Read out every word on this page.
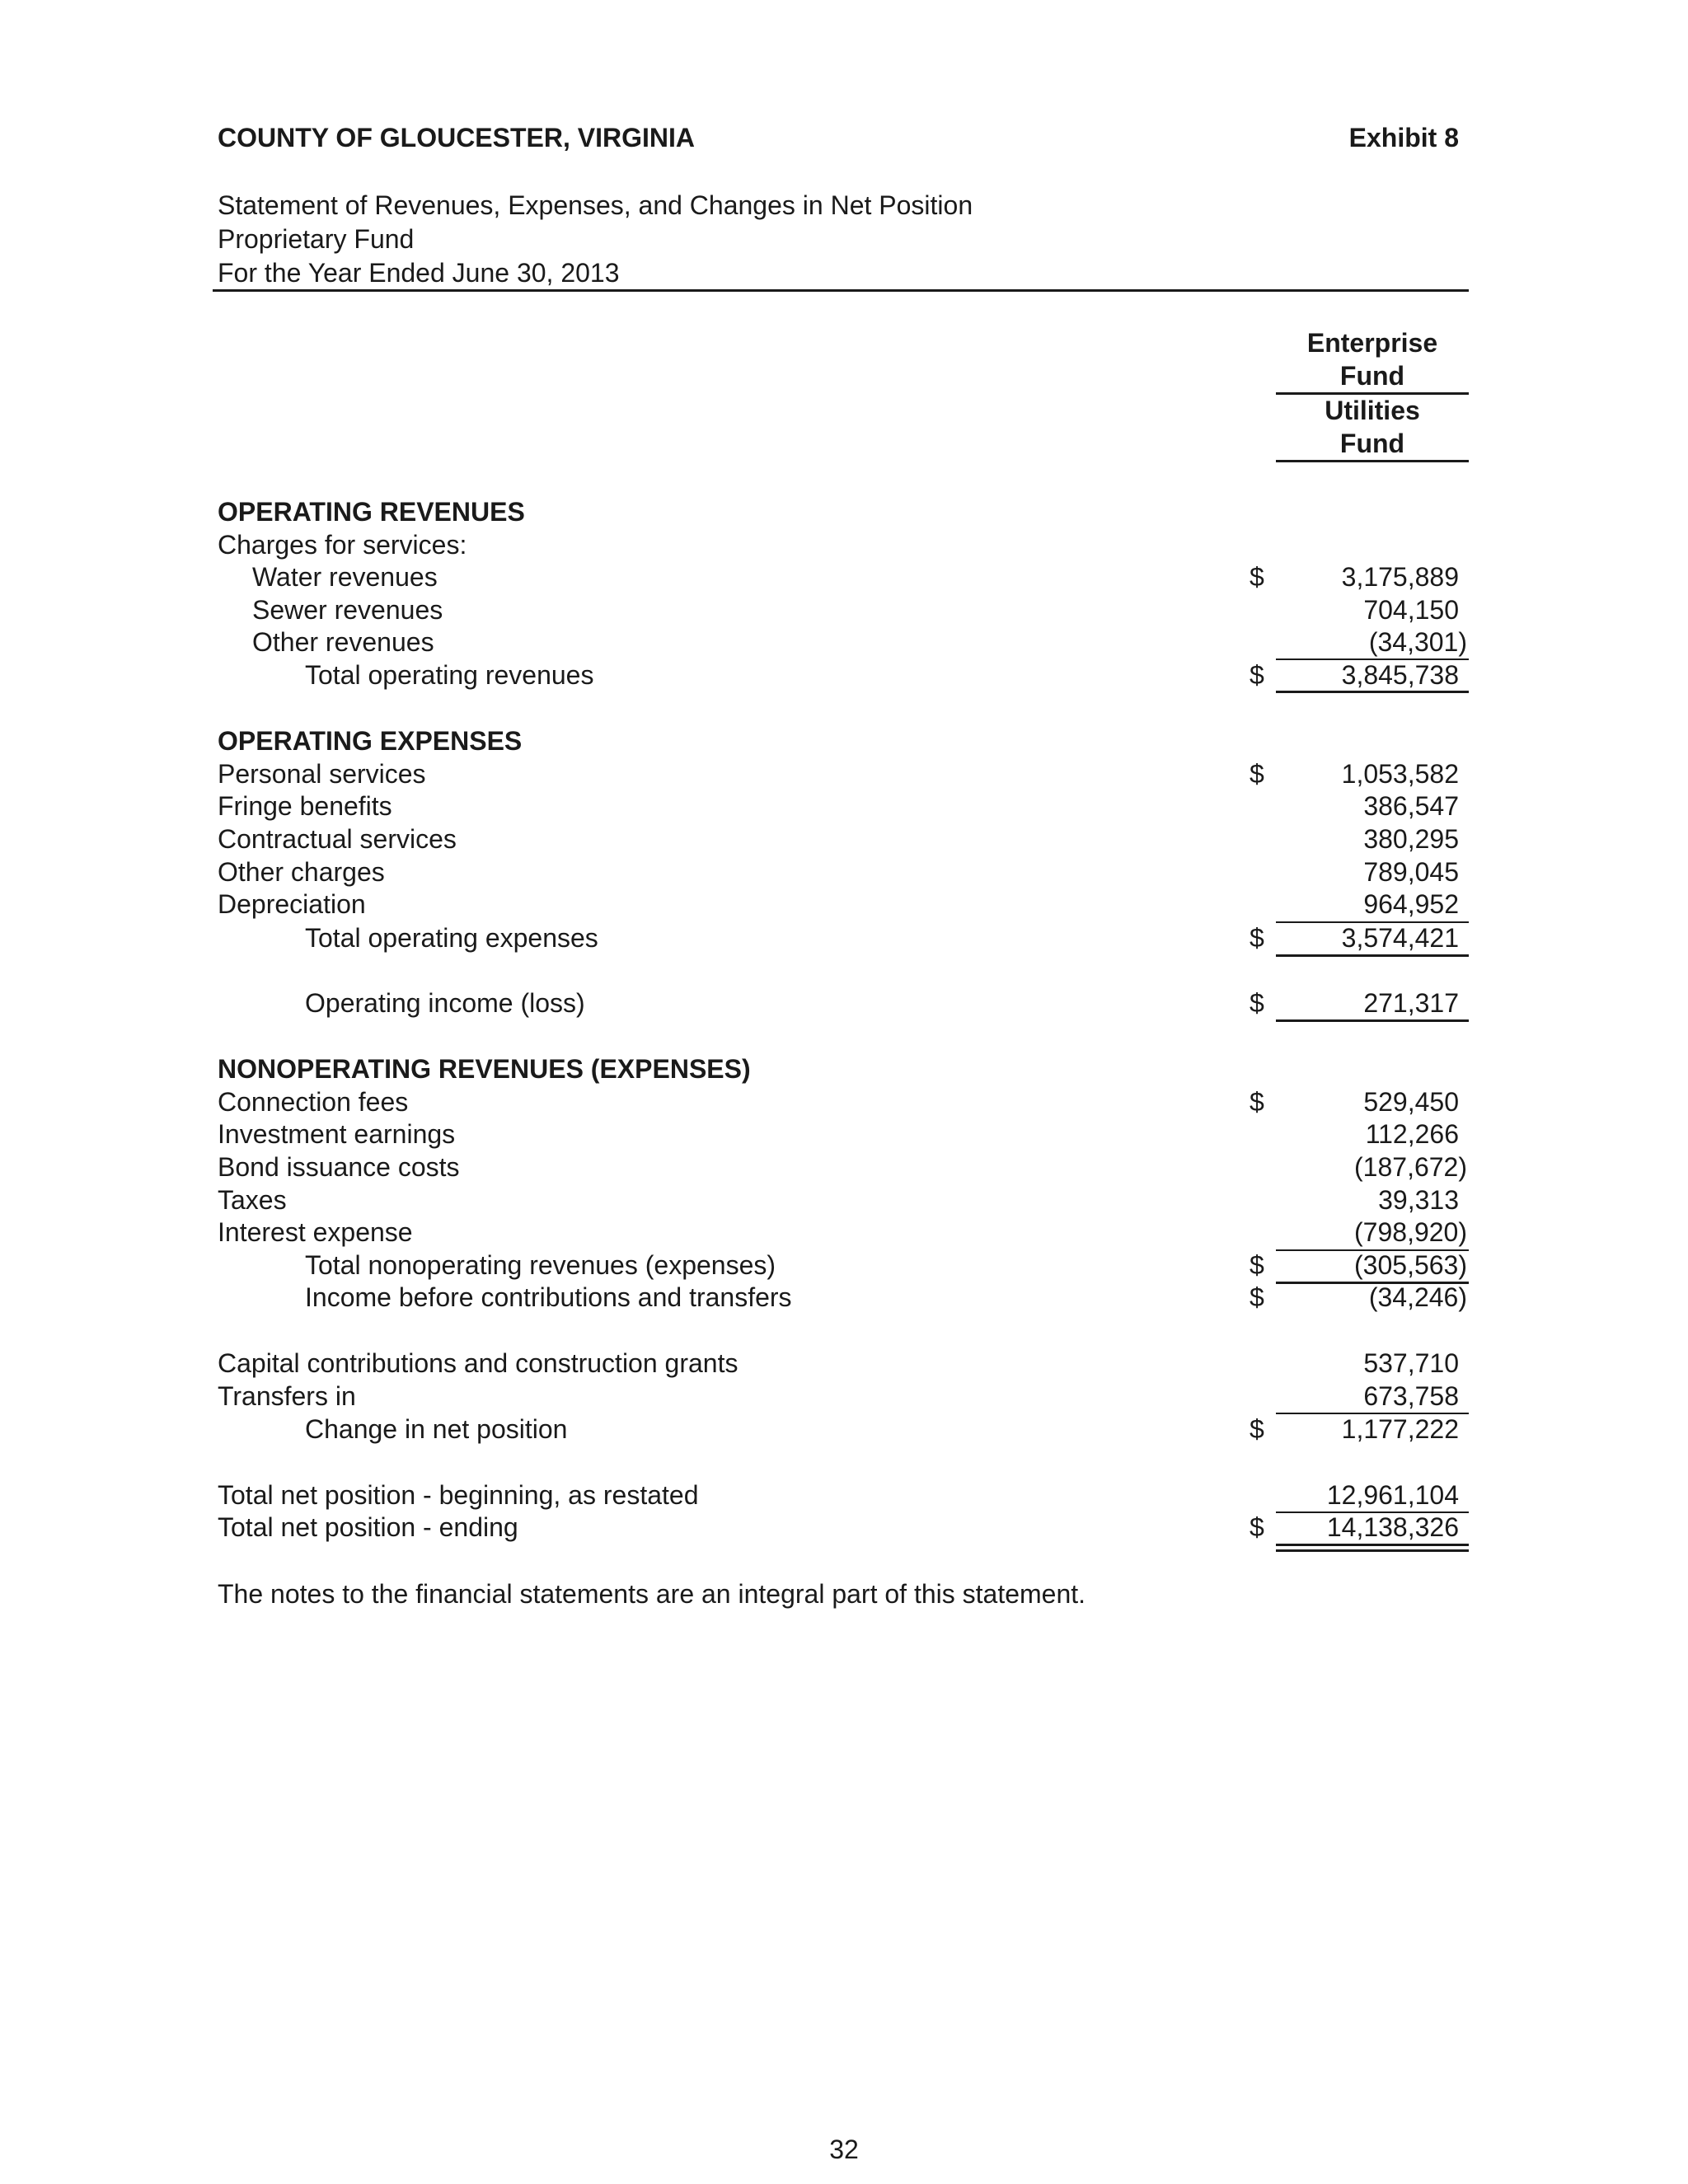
COUNTY OF GLOUCESTER, VIRGINIA	Exhibit 8
Statement of Revenues, Expenses, and Changes in Net Position
Proprietary Fund
For the Year Ended June 30, 2013
Enterprise
Fund
Utilities
Fund
OPERATING REVENUES
Charges for services:
Water revenues	$	3,175,889
Sewer revenues	704,150
Other revenues	(34,301)
Total operating revenues	$	3,845,738
OPERATING EXPENSES
Personal services	$	1,053,582
Fringe benefits	386,547
Contractual services	380,295
Other charges	789,045
Depreciation	964,952
Total operating expenses	$	3,574,421
Operating income (loss)	$	271,317
NONOPERATING REVENUES (EXPENSES)
Connection fees	$	529,450
Investment earnings	112,266
Bond issuance costs	(187,672)
Taxes	39,313
Interest expense	(798,920)
Total nonoperating revenues (expenses)	$	(305,563)
Income before contributions and transfers	$	(34,246)
Capital contributions and construction grants	537,710
Transfers in	673,758
Change in net position	$	1,177,222
Total net position - beginning, as restated	12,961,104
Total net position - ending	$ 14,138,326
The notes to the financial statements are an integral part of this statement.
32
